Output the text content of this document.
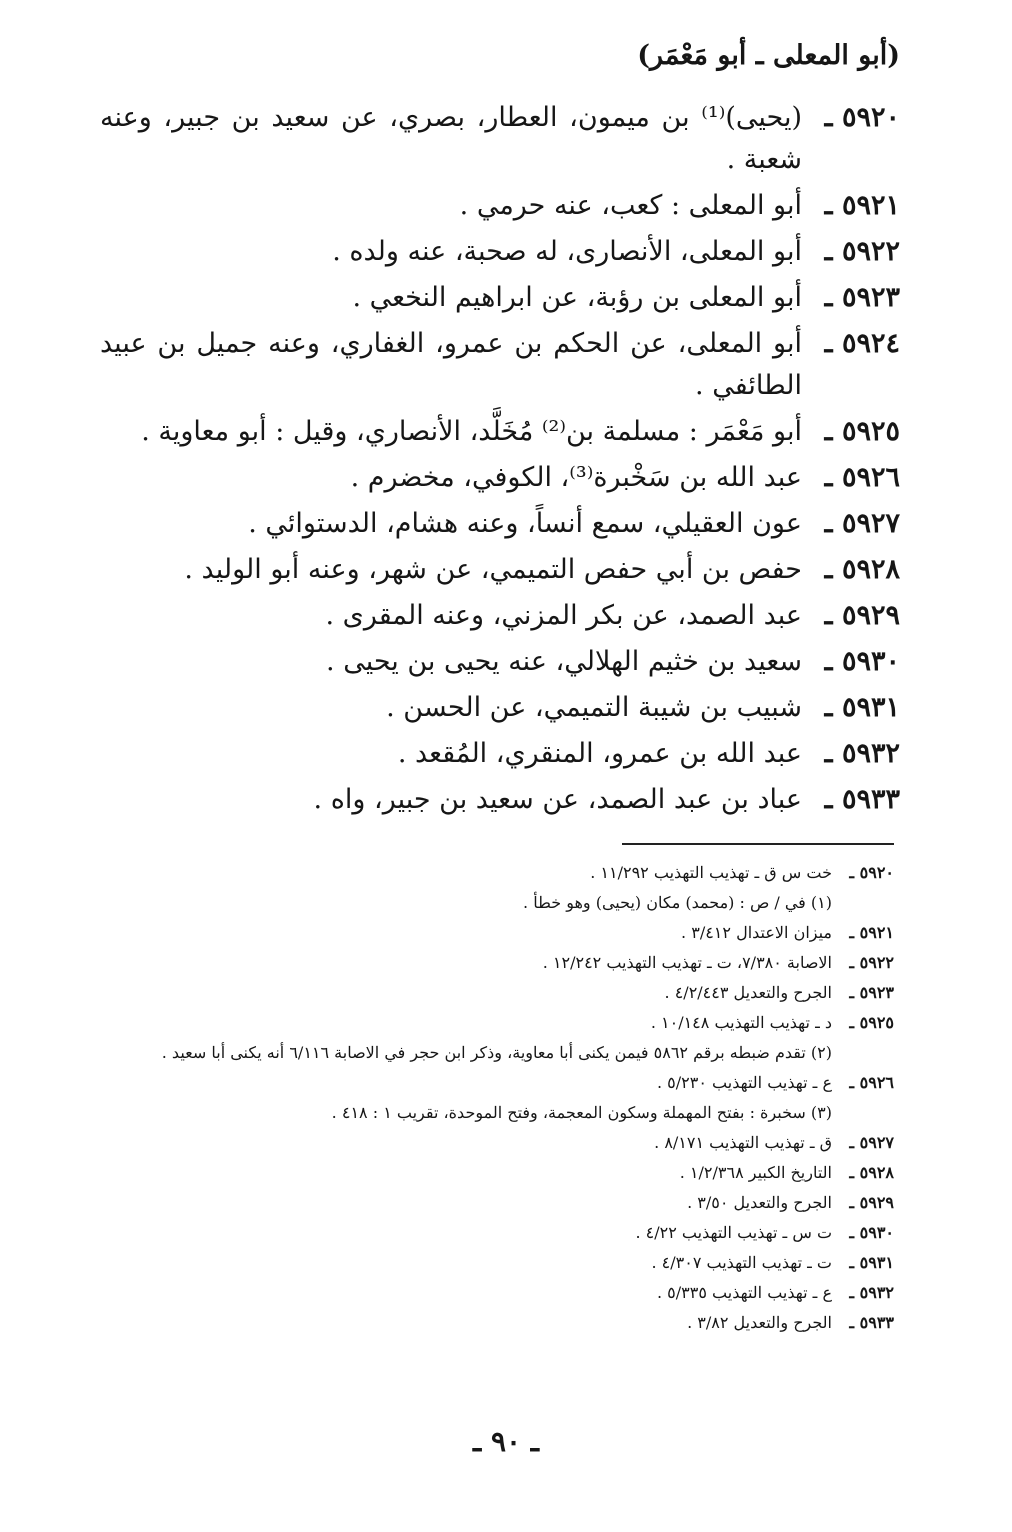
(أبو المعلى ـ أبو مَعْمَر)
٥٩٢٠ ـ
(يحيى)⁽¹⁾ بن ميمون، العطار، بصري، عن سعيد بن جبير، وعنه شعبة .
٥٩٢١ ـ
أبو المعلى : كعب، عنه حرمي .
٥٩٢٢ ـ
أبو المعلى، الأنصارى، له صحبة، عنه ولده .
٥٩٢٣ ـ
أبو المعلى بن رؤبة، عن ابراهيم النخعي .
٥٩٢٤ ـ
أبو المعلى، عن الحكم بن عمرو، الغفاري، وعنه جميل بن عبيد الطائفي .
٥٩٢٥ ـ
أبو مَعْمَر : مسلمة بن⁽²⁾ مُخَلَّد، الأنصاري، وقيل : أبو معاوية .
٥٩٢٦ ـ
عبد الله بن سَخْبرة⁽³⁾، الكوفي، مخضرم .
٥٩٢٧ ـ
عون العقيلي، سمع أنساً، وعنه هشام، الدستوائي .
٥٩٢٨ ـ
حفص بن أبي حفص التميمي، عن شهر، وعنه أبو الوليد .
٥٩٢٩ ـ
عبد الصمد، عن بكر المزني، وعنه المقرى .
٥٩٣٠ ـ
سعيد بن خثيم الهلالي، عنه يحيى بن يحيى .
٥٩٣١ ـ
شبيب بن شيبة التميمي، عن الحسن .
٥٩٣٢ ـ
عبد الله بن عمرو، المنقري، المُقعد .
٥٩٣٣ ـ
عباد بن عبد الصمد، عن سعيد بن جبير، واه .
٥٩٢٠ ـ
خت س ق ـ تهذيب التهذيب ١١/٢٩٢ .
(١) في / ص : (محمد) مكان (يحيى) وهو خطأ .
٥٩٢١ ـ
ميزان الاعتدال ٣/٤١٢ .
٥٩٢٢ ـ
الاصابة ٧/٣٨٠، ت ـ تهذيب التهذيب ١٢/٢٤٢ .
٥٩٢٣ ـ
الجرح والتعديل ٤/٢/٤٤٣ .
٥٩٢٥ ـ
د ـ تهذيب التهذيب ١٠/١٤٨ .
(٢) تقدم ضبطه برقم ٥٨٦٢ فيمن يكنى أبا معاوية، وذكر ابن حجر في الاصابة ٦/١١٦ أنه يكنى أبا سعيد .
٥٩٢٦ ـ
ع ـ تهذيب التهذيب ٥/٢٣٠ .
(٣) سخبرة : بفتح المهملة وسكون المعجمة، وفتح الموحدة، تقريب ١ : ٤١٨ .
٥٩٢٧ ـ
ق ـ تهذيب التهذيب ٨/١٧١ .
٥٩٢٨ ـ
التاريخ الكبير ١/٢/٣٦٨ .
٥٩٢٩ ـ
الجرح والتعديل ٣/٥٠ .
٥٩٣٠ ـ
ت س ـ تهذيب التهذيب ٤/٢٢ .
٥٩٣١ ـ
ت ـ تهذيب التهذيب ٤/٣٠٧ .
٥٩٣٢ ـ
ع ـ تهذيب التهذيب ٥/٣٣٥ .
٥٩٣٣ ـ
الجرح والتعديل ٣/٨٢ .
ـ ٩٠ ـ
